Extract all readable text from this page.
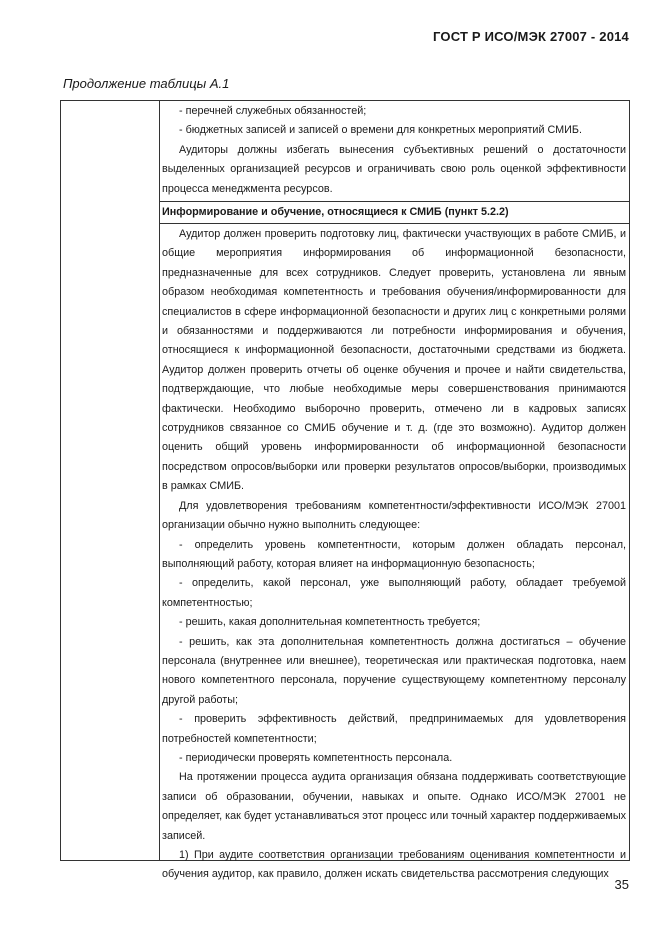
ГОСТ Р ИСО/МЭК 27007 - 2014
Продолжение таблицы А.1

- перечней служебных обязанностей;

- бюджетных записей и записей о времени для конкретных мероприятий СМИБ.

Аудиторы должны избегать вынесения субъективных решений о достаточности выделенных организацией ресурсов и ограничивать свою роль оценкой эффективности процесса менеджмента ресурсов.

Информирование и обучение, относящиеся к СМИБ (пункт 5.2.2)

Аудитор должен проверить подготовку лиц, фактически участвующих в работе СМИБ, и общие мероприятия информирования об информационной безопасности, предназначенные для всех сотрудников. Следует проверить, установлена ли явным образом необходимая компетентность и требования обучения/информированности для специалистов в сфере информационной безопасности и других лиц с конкретными ролями и обязанностями и поддерживаются ли потребности информирования и обучения, относящиеся к информационной безопасности, достаточными средствами из бюджета. Аудитор должен проверить отчеты об оценке обучения и прочее и найти свидетельства, подтверждающие, что любые необходимые меры совершенствования принимаются фактически. Необходимо выборочно проверить, отмечено ли в кадровых записях сотрудников связанное со СМИБ обучение и т. д. (где это возможно). Аудитор должен оценить общий уровень информированности об информационной безопасности посредством опросов/выборки или проверки результатов опросов/выборки, производимых в рамках СМИБ.

Для удовлетворения требованиям компетентности/эффективности ИСО/МЭК 27001 организации обычно нужно выполнить следующее:

- определить уровень компетентности, которым должен обладать персонал, выполняющий работу, которая влияет на информационную безопасность;

- определить, какой персонал, уже выполняющий работу, обладает требуемой компетентностью;

- решить, какая дополнительная компетентность требуется;

- решить, как эта дополнительная компетентность должна достигаться – обучение персонала (внутреннее или внешнее), теоретическая или практическая подготовка, наем нового компетентного персонала, поручение существующему компетентному персоналу другой работы;

- проверить эффективность действий, предпринимаемых для удовлетворения потребностей компетентности;

- периодически проверять компетентность персонала.

На протяжении процесса аудита организация обязана поддерживать соответствующие записи об образовании, обучении, навыках и опыте. Однако ИСО/МЭК 27001 не определяет, как будет устанавливаться этот процесс или точный характер поддерживаемых записей.

1) При аудите соответствия организации требованиям оценивания компетентности и обучения аудитор, как правило, должен искать свидетельства рассмотрения следующих

35
